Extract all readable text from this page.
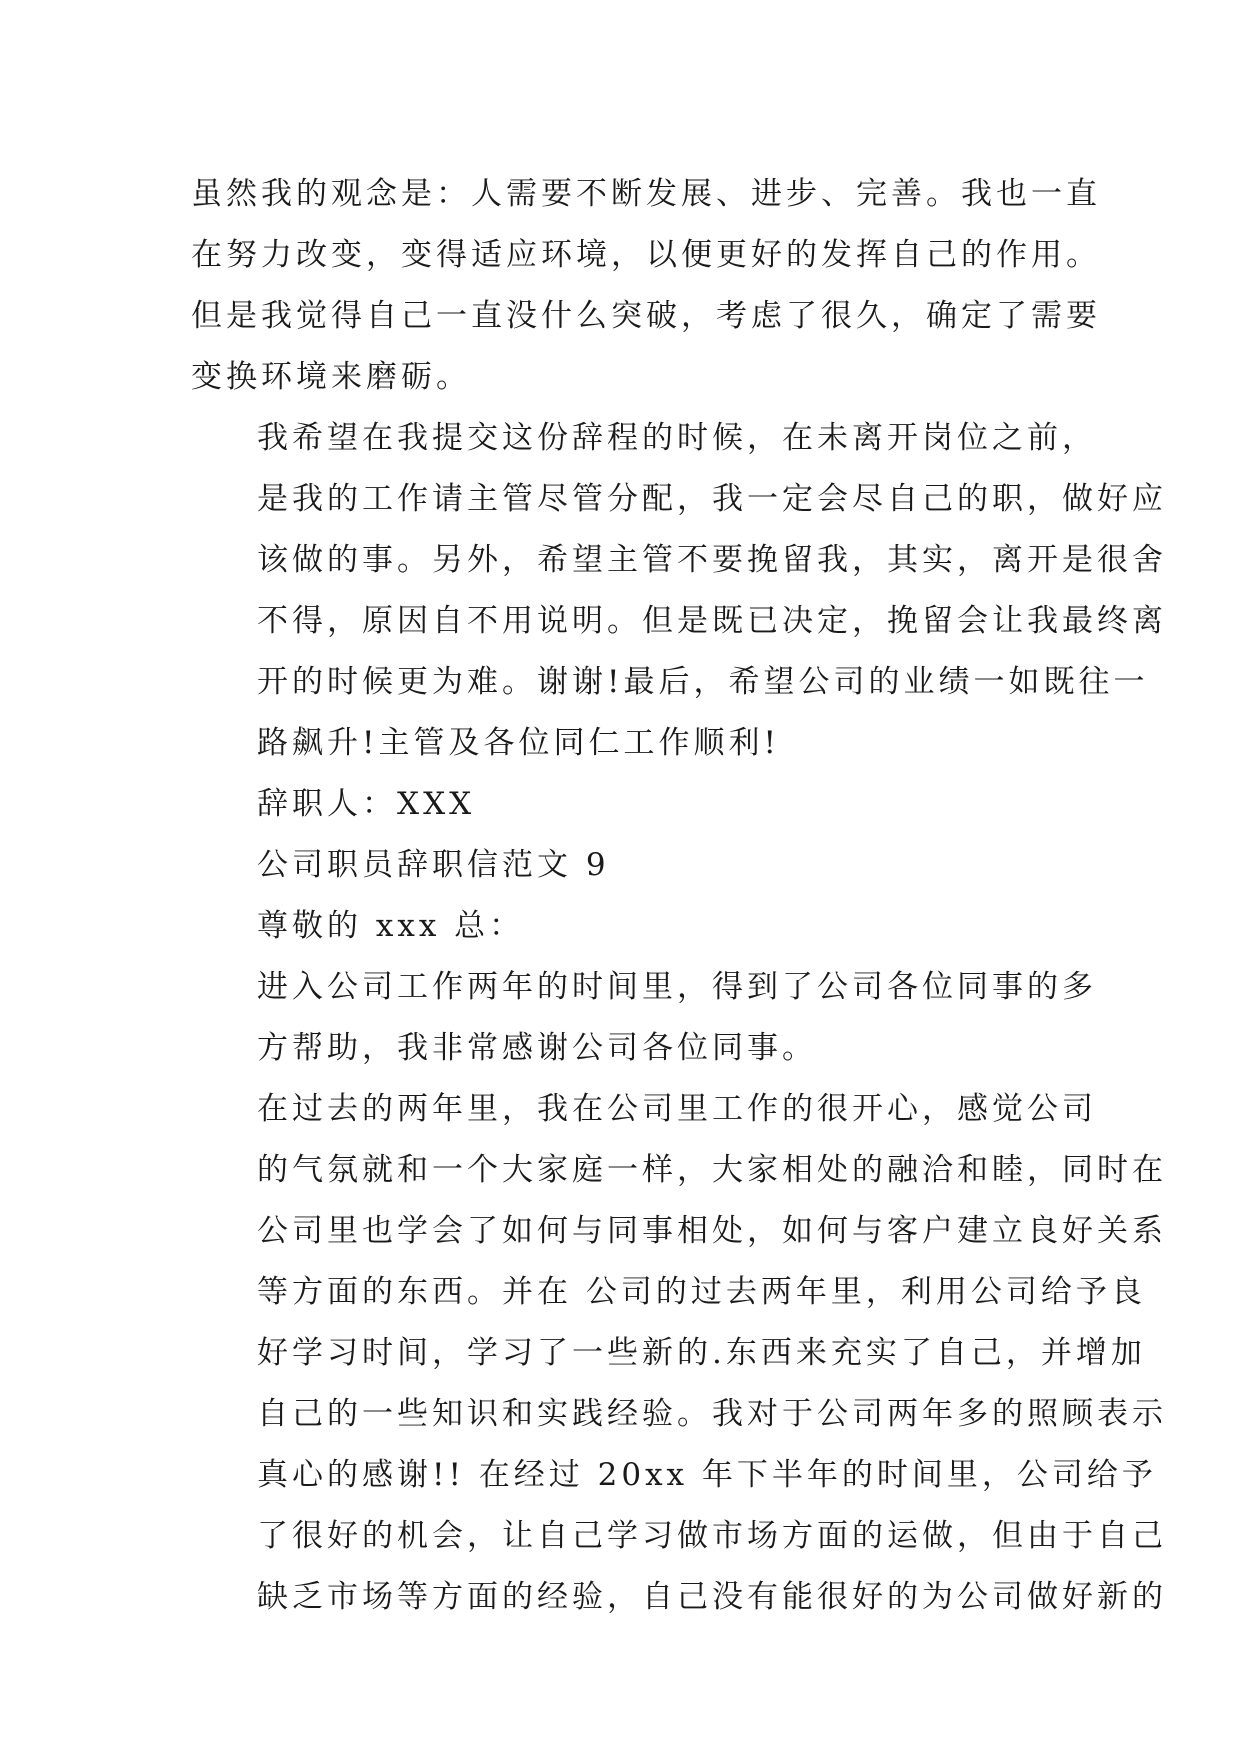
虽然我的观念是：人需要不断发展、进步、完善。我也一直
在努力改变，变得适应环境，以便更好的发挥自己的作用。
但是我觉得自己一直没什么突破，考虑了很久，确定了需要
变换环境来磨砺。
我希望在我提交这份辞程的时候，在未离开岗位之前，
是我的工作请主管尽管分配，我一定会尽自己的职，做好应
该做的事。另外，希望主管不要挽留我，其实，离开是很舍
不得，原因自不用说明。但是既已决定，挽留会让我最终离
开的时候更为难。谢谢!最后，希望公司的业绩一如既往一
路飙升!主管及各位同仁工作顺利!
辞职人：XXX
公司职员辞职信范文 9
尊敬的 xxx 总：
进入公司工作两年的时间里，得到了公司各位同事的多
方帮助，我非常感谢公司各位同事。
在过去的两年里，我在公司里工作的很开心，感觉公司
的气氛就和一个大家庭一样，大家相处的融洽和睦，同时在
公司里也学会了如何与同事相处，如何与客户建立良好关系
等方面的东西。并在 公司的过去两年里，利用公司给予良
好学习时间，学习了一些新的.东西来充实了自己，并增加
自己的一些知识和实践经验。我对于公司两年多的照顾表示
真心的感谢!! 在经过 20xx 年下半年的时间里，公司给予
了很好的机会，让自己学习做市场方面的运做，但由于自己
缺乏市场等方面的经验，自己没有能很好的为公司做好新的
